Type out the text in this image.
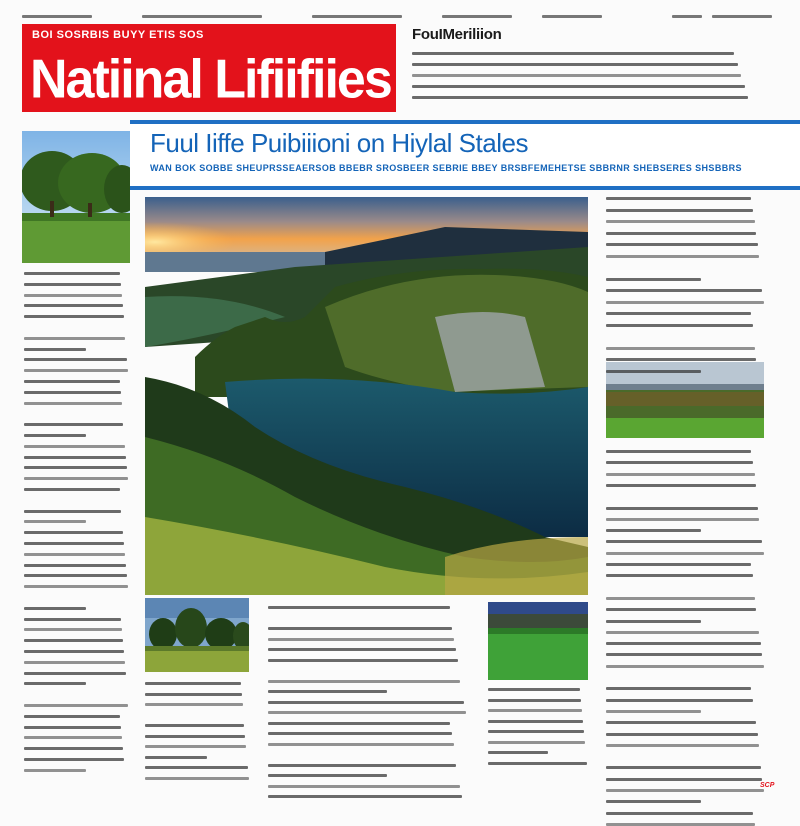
BOI SOSRBIS BUYY ETIS SOS
Natiinal Lifiifiies
FouIMeriliion
Fuul Iiffe Puibiiioni on Hiylal Stales
WAN BOK SOBBE SHEUPRSSEAERSOB BBEBR SROSBEER SEBRIE BBEY BRSBFEMEHETSE SBBRNR SHEBSERES SHSBBRS
SCP
